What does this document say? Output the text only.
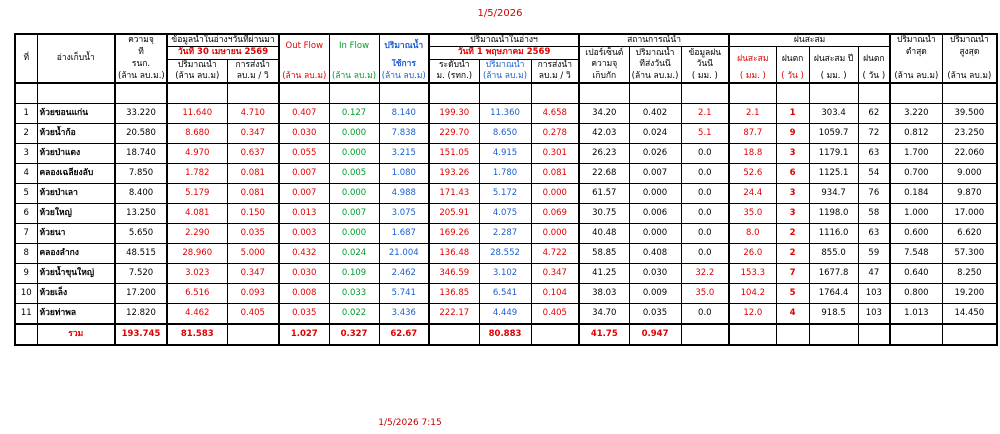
1/5/2026
ที่	อ่างเก็บน้ำ	ความจุ	ข้อมูลน้ำในอ่างฯวันที่ผ่านมา		Out Flow	In Flow	ปริมาณน้ำ	ปริมาณน้ำในอ่างฯ			สถานการณ์น้ำ			ฝนสะสม				ปริมาณน้ำ	ปริมาณน้ำ
		ที่	วันที่ 30 เมษายน 2569					วันที่ 1 พฤษภาคม 2569			เปอร์เซ็นต์	ปริมาณน้ำ	ข้อมูลฝน	ฝนสะสม	ฝนตก	ฝนสะสม ปี	ฝนตก	ต่ำสุด	สูงสุด
		รนก.	ปริมาณน้ำ	การส่งน้ำ			ใช้การ	ระดับน้ำ	ปริมาณน้ำ	การส่งน้ำ	ความจุ	ที่ส่งวันนี้	วันนี้						
		(ล้าน ลบ.ม.)	(ล้าน ลบ.ม)	ลบ.ม / วิ	(ล้าน ลบ.ม)	(ล้าน ลบ.ม)	(ล้าน ลบ.ม)	ม. (รทก.)	(ล้าน ลบ.ม)	ลบ.ม / วิ	เก็บกัก	(ล้าน ลบ.ม.)	( มม. )	( มม. )	( วัน )	( มม. )	( วัน )	(ล้าน ลบ.ม)	(ล้าน ลบ.ม)

1	ห้วยขอนแก่น	33.220	11.640	4.710	0.407	0.127	8.140	199.30	11.360	4.658	34.20	0.402	2.1	2.1	1	303.4	62	3.220	39.500
2	ห้วยน้ำก้อ	20.580	8.680	0.347	0.030	0.000	7.838	229.70	8.650	0.278	42.03	0.024	5.1	87.7	9	1059.7	72	0.812	23.250
3	ห้วยป่าแดง	18.740	4.970	0.637	0.055	0.000	3.215	151.05	4.915	0.301	26.23	0.026	0.0	18.8	3	1179.1	63	1.700	22.060
4	คลองเฉลียงลับ	7.850	1.782	0.081	0.007	0.005	1.080	193.26	1.780	0.081	22.68	0.007	0.0	52.6	6	1125.1	54	0.700	9.000
5	ห้วยป่าเลา	8.400	5.179	0.081	0.007	0.000	4.988	171.43	5.172	0.000	61.57	0.000	0.0	24.4	3	934.7	76	0.184	9.870
6	ห้วยใหญ่	13.250	4.081	0.150	0.013	0.007	3.075	205.91	4.075	0.069	30.75	0.006	0.0	35.0	3	1198.0	58	1.000	17.000
7	ห้วยนา	5.650	2.290	0.035	0.003	0.000	1.687	169.26	2.287	0.000	40.48	0.000	0.0	8.0	2	1116.0	63	0.600	6.620
8	คลองลำกง	48.515	28.960	5.000	0.432	0.024	21.004	136.48	28.552	4.722	58.85	0.408	0.0	26.0	2	855.0	59	7.548	57.300
9	ห้วยน้ำขุนใหญ่	7.520	3.023	0.347	0.030	0.109	2.462	346.59	3.102	0.347	41.25	0.030	32.2	153.3	7	1677.8	47	0.640	8.250
10	ห้วยเล็ง	17.200	6.516	0.093	0.008	0.033	5.741	136.85	6.541	0.104	38.03	0.009	35.0	104.2	5	1764.4	103	0.800	19.200
11	ห้วยท่าพล	12.820	4.462	0.405	0.035	0.022	3.436	222.17	4.449	0.405	34.70	0.035	0.0	12.0	4	918.5	103	1.013	14.450
	รวม	193.745	81.583		1.027	0.327	62.67		80.883		41.75	0.947							
1/5/2026 7:15
